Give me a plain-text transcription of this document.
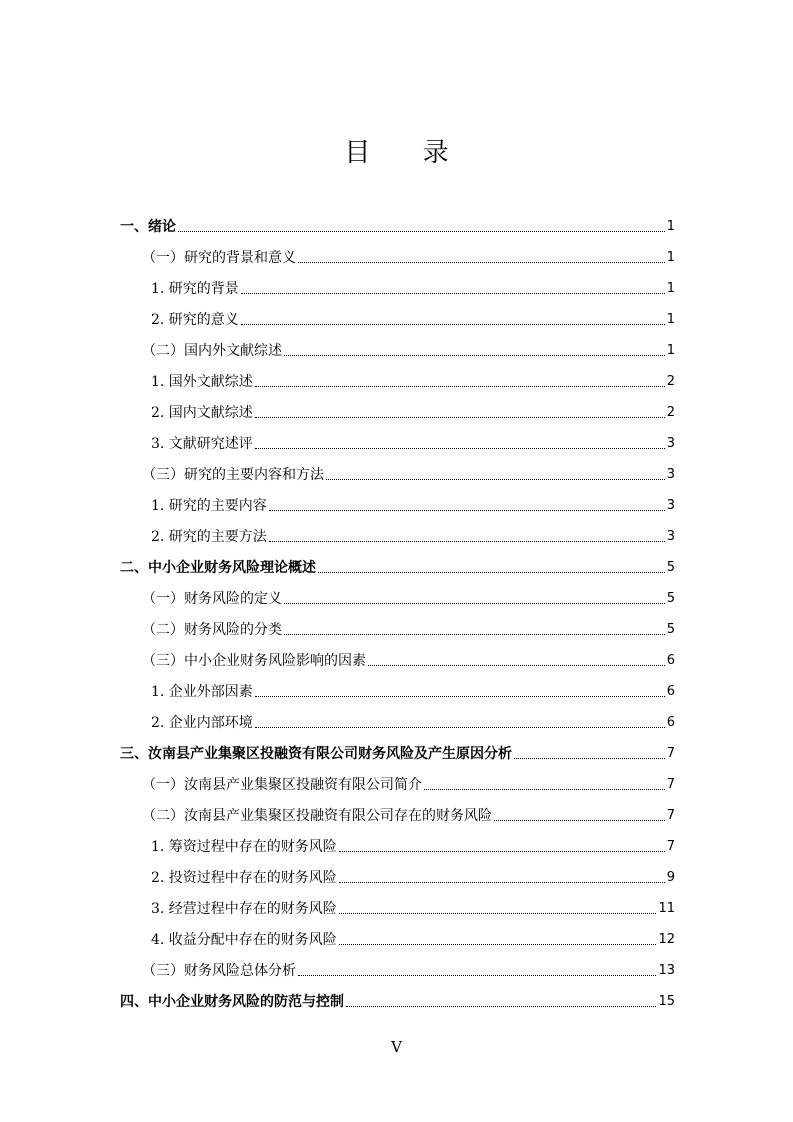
目 录
一、绪论	1
（一）研究的背景和意义	1
1. 研究的背景	1
2. 研究的意义	1
（二）国内外文献综述	1
1. 国外文献综述	2
2. 国内文献综述	2
3. 文献研究述评	3
（三）研究的主要内容和方法	3
1. 研究的主要内容	3
2. 研究的主要方法	3
二、中小企业财务风险理论概述	5
（一）财务风险的定义	5
（二）财务风险的分类	5
（三）中小企业财务风险影响的因素	6
1. 企业外部因素	6
2. 企业内部环境	6
三、汝南县产业集聚区投融资有限公司财务风险及产生原因分析	7
（一）汝南县产业集聚区投融资有限公司简介	7
（二）汝南县产业集聚区投融资有限公司存在的财务风险	7
1. 筹资过程中存在的财务风险	7
2. 投资过程中存在的财务风险	9
3. 经营过程中存在的财务风险	11
4. 收益分配中存在的财务风险	12
（三）财务风险总体分析	13
四、中小企业财务风险的防范与控制	15
V
